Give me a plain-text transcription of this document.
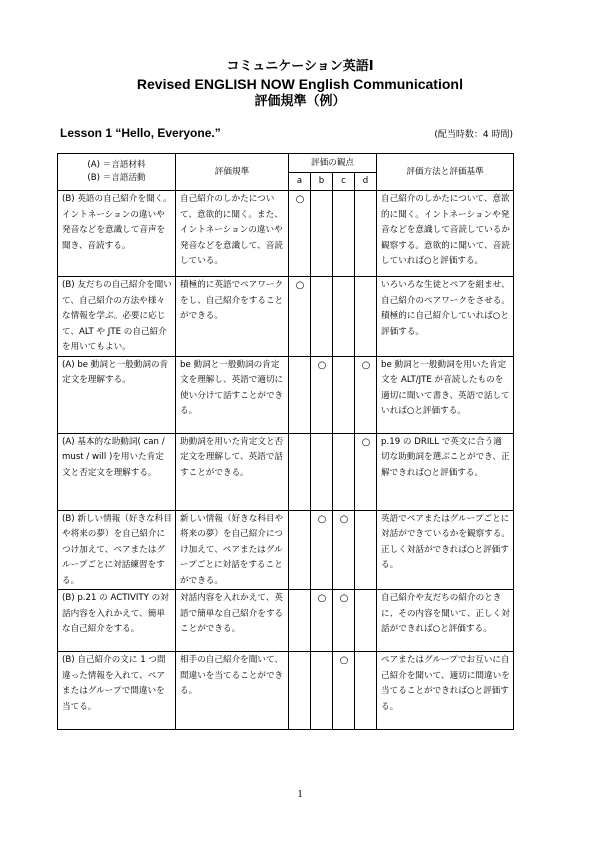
コミュニケーション英語Ⅰ
Revised ENGLISH NOW English CommunicationⅠ
評価規準（例）
Lesson 1 “Hello, Everyone.”	(配当時数：4 時間)
(A) ＝言語材料
(B) ＝言語活動	評価規準	評価の観点				評価方法と評価基準
		a	b	c	d	
(B) 英語の自己紹介を聞く。イントネーションの違いや発音などを意識して音声を聞き、音読する。	自己紹介のしかたについて、意欲的に聞く。また、イントネーションの違いや発音などを意識して、音読している。	○				自己紹介のしかたについて、意欲的に聞く。イントネーションや発音などを意識して音読しているか観察する。意欲的に聞いて、音読していれば○と評価する。
(B) 友だちの自己紹介を聞いて、自己紹介の方法や様々な情報を学ぶ。必要に応じて、ALT や JTE の自己紹介を用いてもよい。	積極的に英語でペアワークをし、自己紹介をすることができる。	○				いろいろな生徒とペアを組ませ、自己紹介のペアワークをさせる。積極的に自己紹介していれば○と評価する。
(A) be 動詞と一般動詞の肯定文を理解する。	be 動詞と一般動詞の肯定文を理解し、英語で適切に使い分けて話すことができる。		○		○	be 動詞と一般動詞を用いた肯定文を ALT/JTE が音読したものを適切に聞いて書き、英語で話していれば○と評価する。
(A) 基本的な助動詞( can / must / will )を用いた肯定文と否定文を理解する。	助動詞を用いた肯定文と否定文を理解して、英語で話すことができる。				○	p.19 の DRILL で英文に合う適切な助動詞を選ぶことができ、正解できれば○と評価する。
(B) 新しい情報（好きな科目や将来の夢）を自己紹介につけ加えて、ペアまたはグループごとに対話練習をする。	新しい情報（好きな科目や将来の夢）を自己紹介につけ加えて、ペアまたはグループごとに対話をすることができる。		○	○		英語でペアまたはグループごとに対話ができているかを観察する。正しく対話ができれば○と評価する。
(B) p.21 の ACTIVITY の対話内容を入れかえて、簡単な自己紹介をする。	対話内容を入れかえて、英語で簡単な自己紹介をすることができる。		○	○		自己紹介や友だちの紹介のときに、その内容を聞いて、正しく対話ができれば○と評価する。
(B) 自己紹介の文に 1 つ間違った情報を入れて、ペアまたはグループで間違いを当てる。	相手の自己紹介を聞いて、間違いを当てることができる。			○		ペアまたはグループでお互いに自己紹介を聞いて、適切に間違いを当てることができれば○と評価する。
1
